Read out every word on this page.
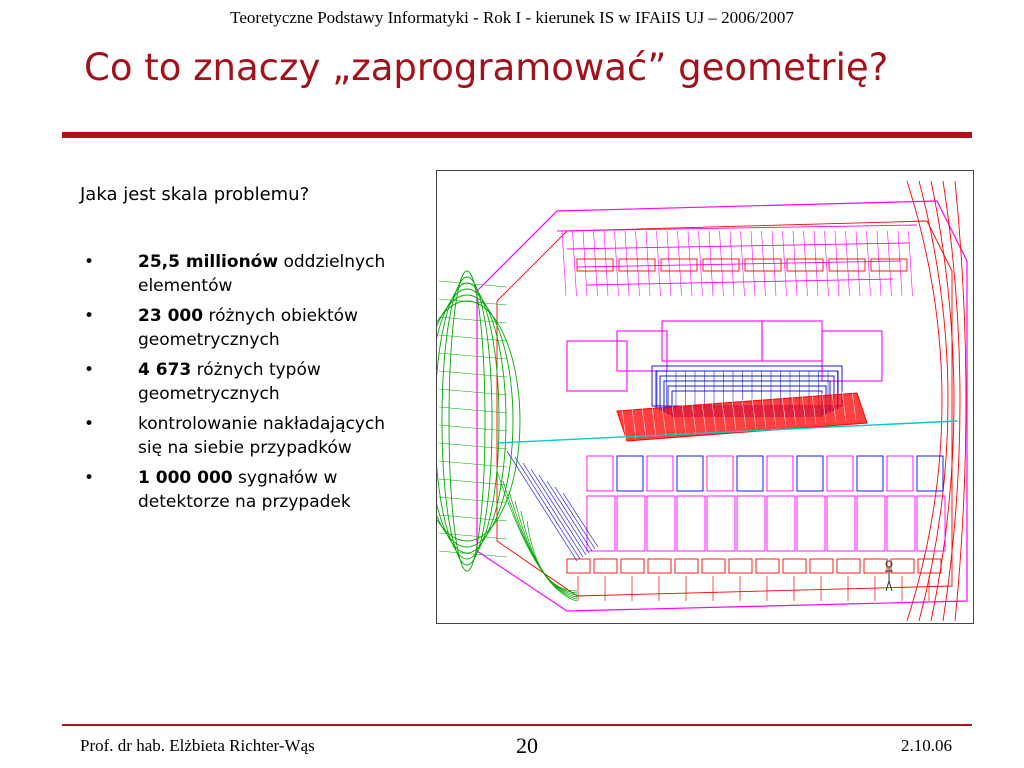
Teoretyczne Podstawy Informatyki - Rok I - kierunek IS w IFAiIS UJ – 2006/2007
Co to znaczy „zaprogramować” geometrię?
Jaka jest skala problemu?
•	25,5 millionów oddzielnych elementów
•	23 000 różnych obiektów geometrycznych
•	4 673 różnych typów geometrycznych
•	kontrolowanie nakładających się na siebie przypadków
•	1 000 000 sygnałów w detektorze na przypadek
Prof. dr hab. Elżbieta Richter-Wąs	20	2.10.06
